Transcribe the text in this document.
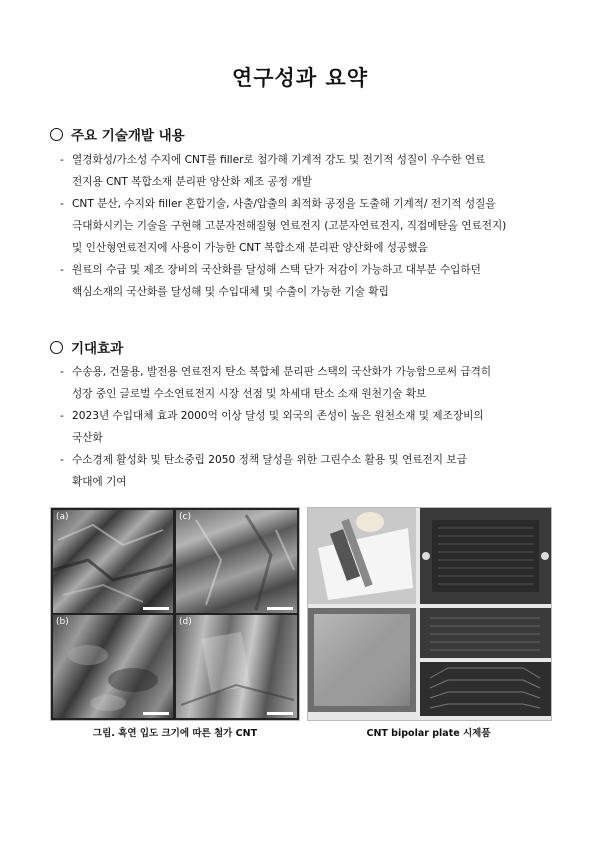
연구성과 요약
주요 기술개발 내용
- 열경화성/가소성 수지에 CNT를 filler로 첨가해 기계적 강도 및 전기적 성질이 우수한 연료
전지용 CNT 복합소재 분리판 양산화 제조 공정 개발
- CNT 분산, 수지와 filler 혼합기술, 사출/압출의 최적화 공정을 도출해 기계적/ 전기적 성질을
극대화시키는 기술을 구현해 고분자전해질형 연료전지 (고분자연료전지, 직접메탄올 연료전지)
및 인산형연료전지에 사용이 가능한 CNT 복합소재 분리판 양산화에 성공했음
- 원료의 수급 및 제조 장비의 국산화를 달성해 스택 단가 저감이 가능하고 대부분 수입하던
핵심소재의 국산화를 달성해 및 수입대체 및 수출이 가능한 기술 확립
기대효과
- 수송용, 건물용, 발전용 연료전지 탄소 복합체 분리판 스택의 국산화가 가능함으로써 급격히
성장 중인 글로벌 수소연료전지 시장 선점 및 차세대 탄소 소재 원천기술 확보
- 2023년 수입대체 효과 2000억 이상 달성 및 외국의 존성이 높은 원천소재 및 제조장비의
국산화
- 수소경제 활성화 및 탄소중립 2050 정책 달성을 위한 그린수소 활용 및 연료전지 보급
확대에 기여
(a)	(c)
(b)	(d)
그림. 흑연 입도 크기에 따른 첨가 CNT	CNT bipolar plate 시제품
